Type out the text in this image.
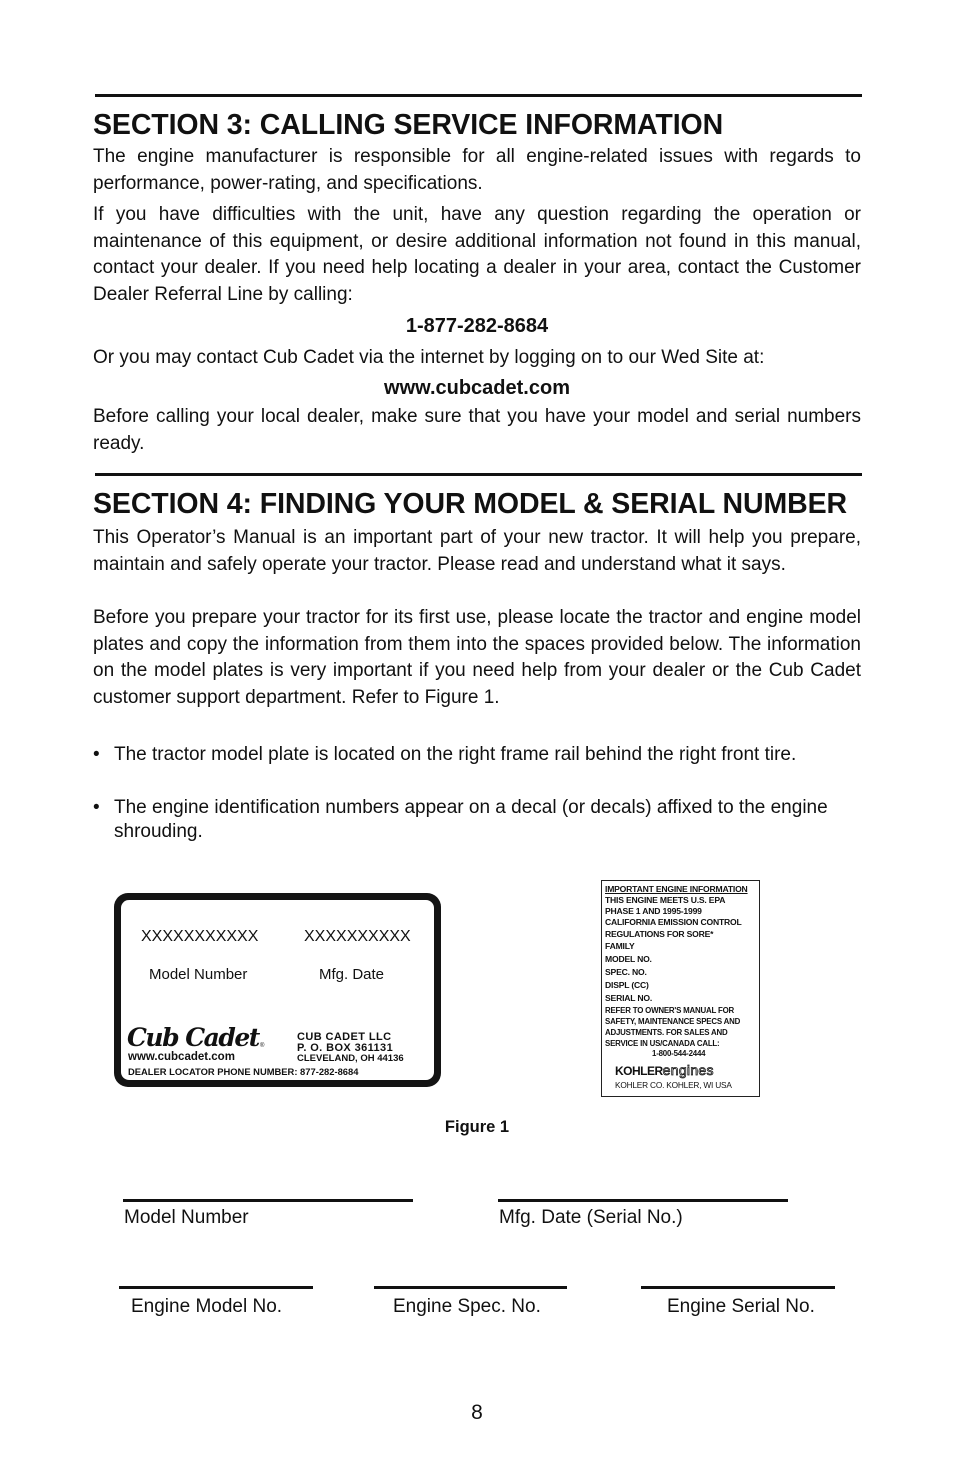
SECTION 3: CALLING SERVICE INFORMATION

The engine manufacturer is responsible for all engine-related issues with regards to performance, power-rating, and specifications.

If you have difficulties with the unit, have any question regarding the operation or maintenance of this equipment, or desire additional information not found in this manual, contact your dealer. If you need help locating a dealer in your area, contact the Customer Dealer Referral Line by calling:

1-877-282-8684

Or you may contact Cub Cadet via the internet by logging on to our Wed Site at:

www.cubcadet.com

Before calling your local dealer, make sure that you have your model and serial numbers ready.

SECTION 4: FINDING YOUR MODEL & SERIAL NUMBER

This Operator’s Manual is an important part of your new tractor. It will help you prepare, maintain and safely operate your tractor. Please read and understand what it says.

Before you prepare your tractor for its first use, please locate the tractor and engine model plates and copy the information from them into the spaces provided below. The information on the model plates is very important if you need help from your dealer or the Cub Cadet customer support department. Refer to Figure 1.

• The tractor model plate is located on the right frame rail behind the right front tire.
• The engine identification numbers appear on a decal (or decals) affixed to the engine shrouding.
XXXXXXXXXXX	XXXXXXXXXX
Model Number	Mfg. Date
Cub Cadet ®
www.cubcadet.com
CUB CADET LLC
P. O. BOX 361131
CLEVELAND, OH 44136
DEALER LOCATOR PHONE NUMBER: 877-282-8684
IMPORTANT ENGINE INFORMATION
THIS ENGINE MEETS U.S. EPA
PHASE 1 AND 1995-1999
CALIFORNIA EMISSION CONTROL
REGULATIONS FOR SORE*
FAMILY
MODEL NO.
SPEC. NO.
DISPL (CC)
SERIAL NO.
REFER TO OWNER'S MANUAL FOR
SAFETY, MAINTENANCE SPECS AND
ADJUSTMENTS. FOR SALES AND
SERVICE IN US/CANADA CALL:
1-800-544-2444
KOHLERengines
KOHLER CO. KOHLER, WI USA
Figure 1
Model Number	Mfg. Date (Serial No.)
Engine Model No.	Engine Spec. No.	Engine Serial No.
8
